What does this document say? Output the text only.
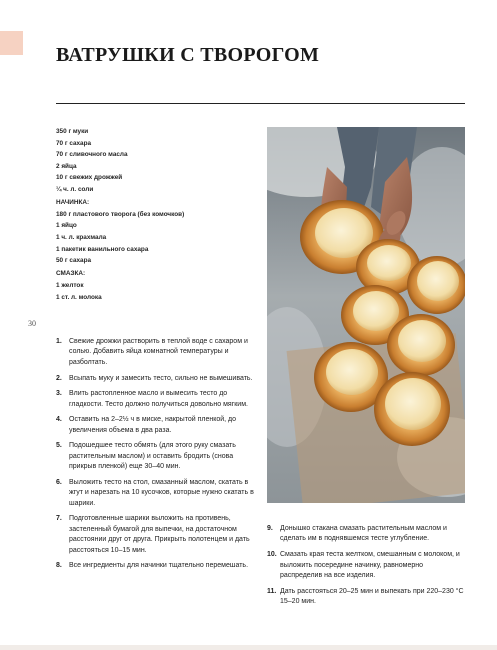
ВАТРУШКИ С ТВОРОГОМ
30
350 г муки
70 г сахара
70 г сливочного масла
2 яйца
10 г свежих дрожжей
¼ ч. л. соли
НАЧИНКА:
180 г пластового творога (без комочков)
1 яйцо
1 ч. л. крахмала
1 пакетик ванильного сахара
50 г сахара
СМАЗКА:
1 желток
1 ст. л. молока
1. Свежие дрожжи растворить в теплой воде с сахаром и солью. Добавить яйца комнатной температуры и разболтать.
2. Всыпать муку и замесить тесто, сильно не вымешивать.
3. Влить растопленное масло и вымесить тесто до гладкости. Тесто должно получиться довольно мягким.
4. Оставить на 2–2½ ч в миске, накрытой пленкой, до увеличения объема в два раза.
5. Подошедшее тесто обмять (для этого руку смазать растительным маслом) и оставить бродить (снова прикрыв пленкой) еще 30–40 мин.
6. Выложить тесто на стол, смазанный маслом, скатать в жгут и нарезать на 10 кусочков, которые нужно скатать в шарики.
7. Подготовленные шарики выложить на противень, застеленный бумагой для выпечки, на достаточном расстоянии друг от друга. Прикрыть полотенцем и дать расстояться 10–15 мин.
8. Все ингредиенты для начинки тщательно перемешать.
9. Донышко стакана смазать растительным маслом и сделать им в поднявшемся тесте углубление.
10. Смазать края теста желтком, смешанным с молоком, и выложить посередине начинку, равномерно распределив на все изделия.
11. Дать расстояться 20–25 мин и выпекать при 220–230 °C 15–20 мин.
